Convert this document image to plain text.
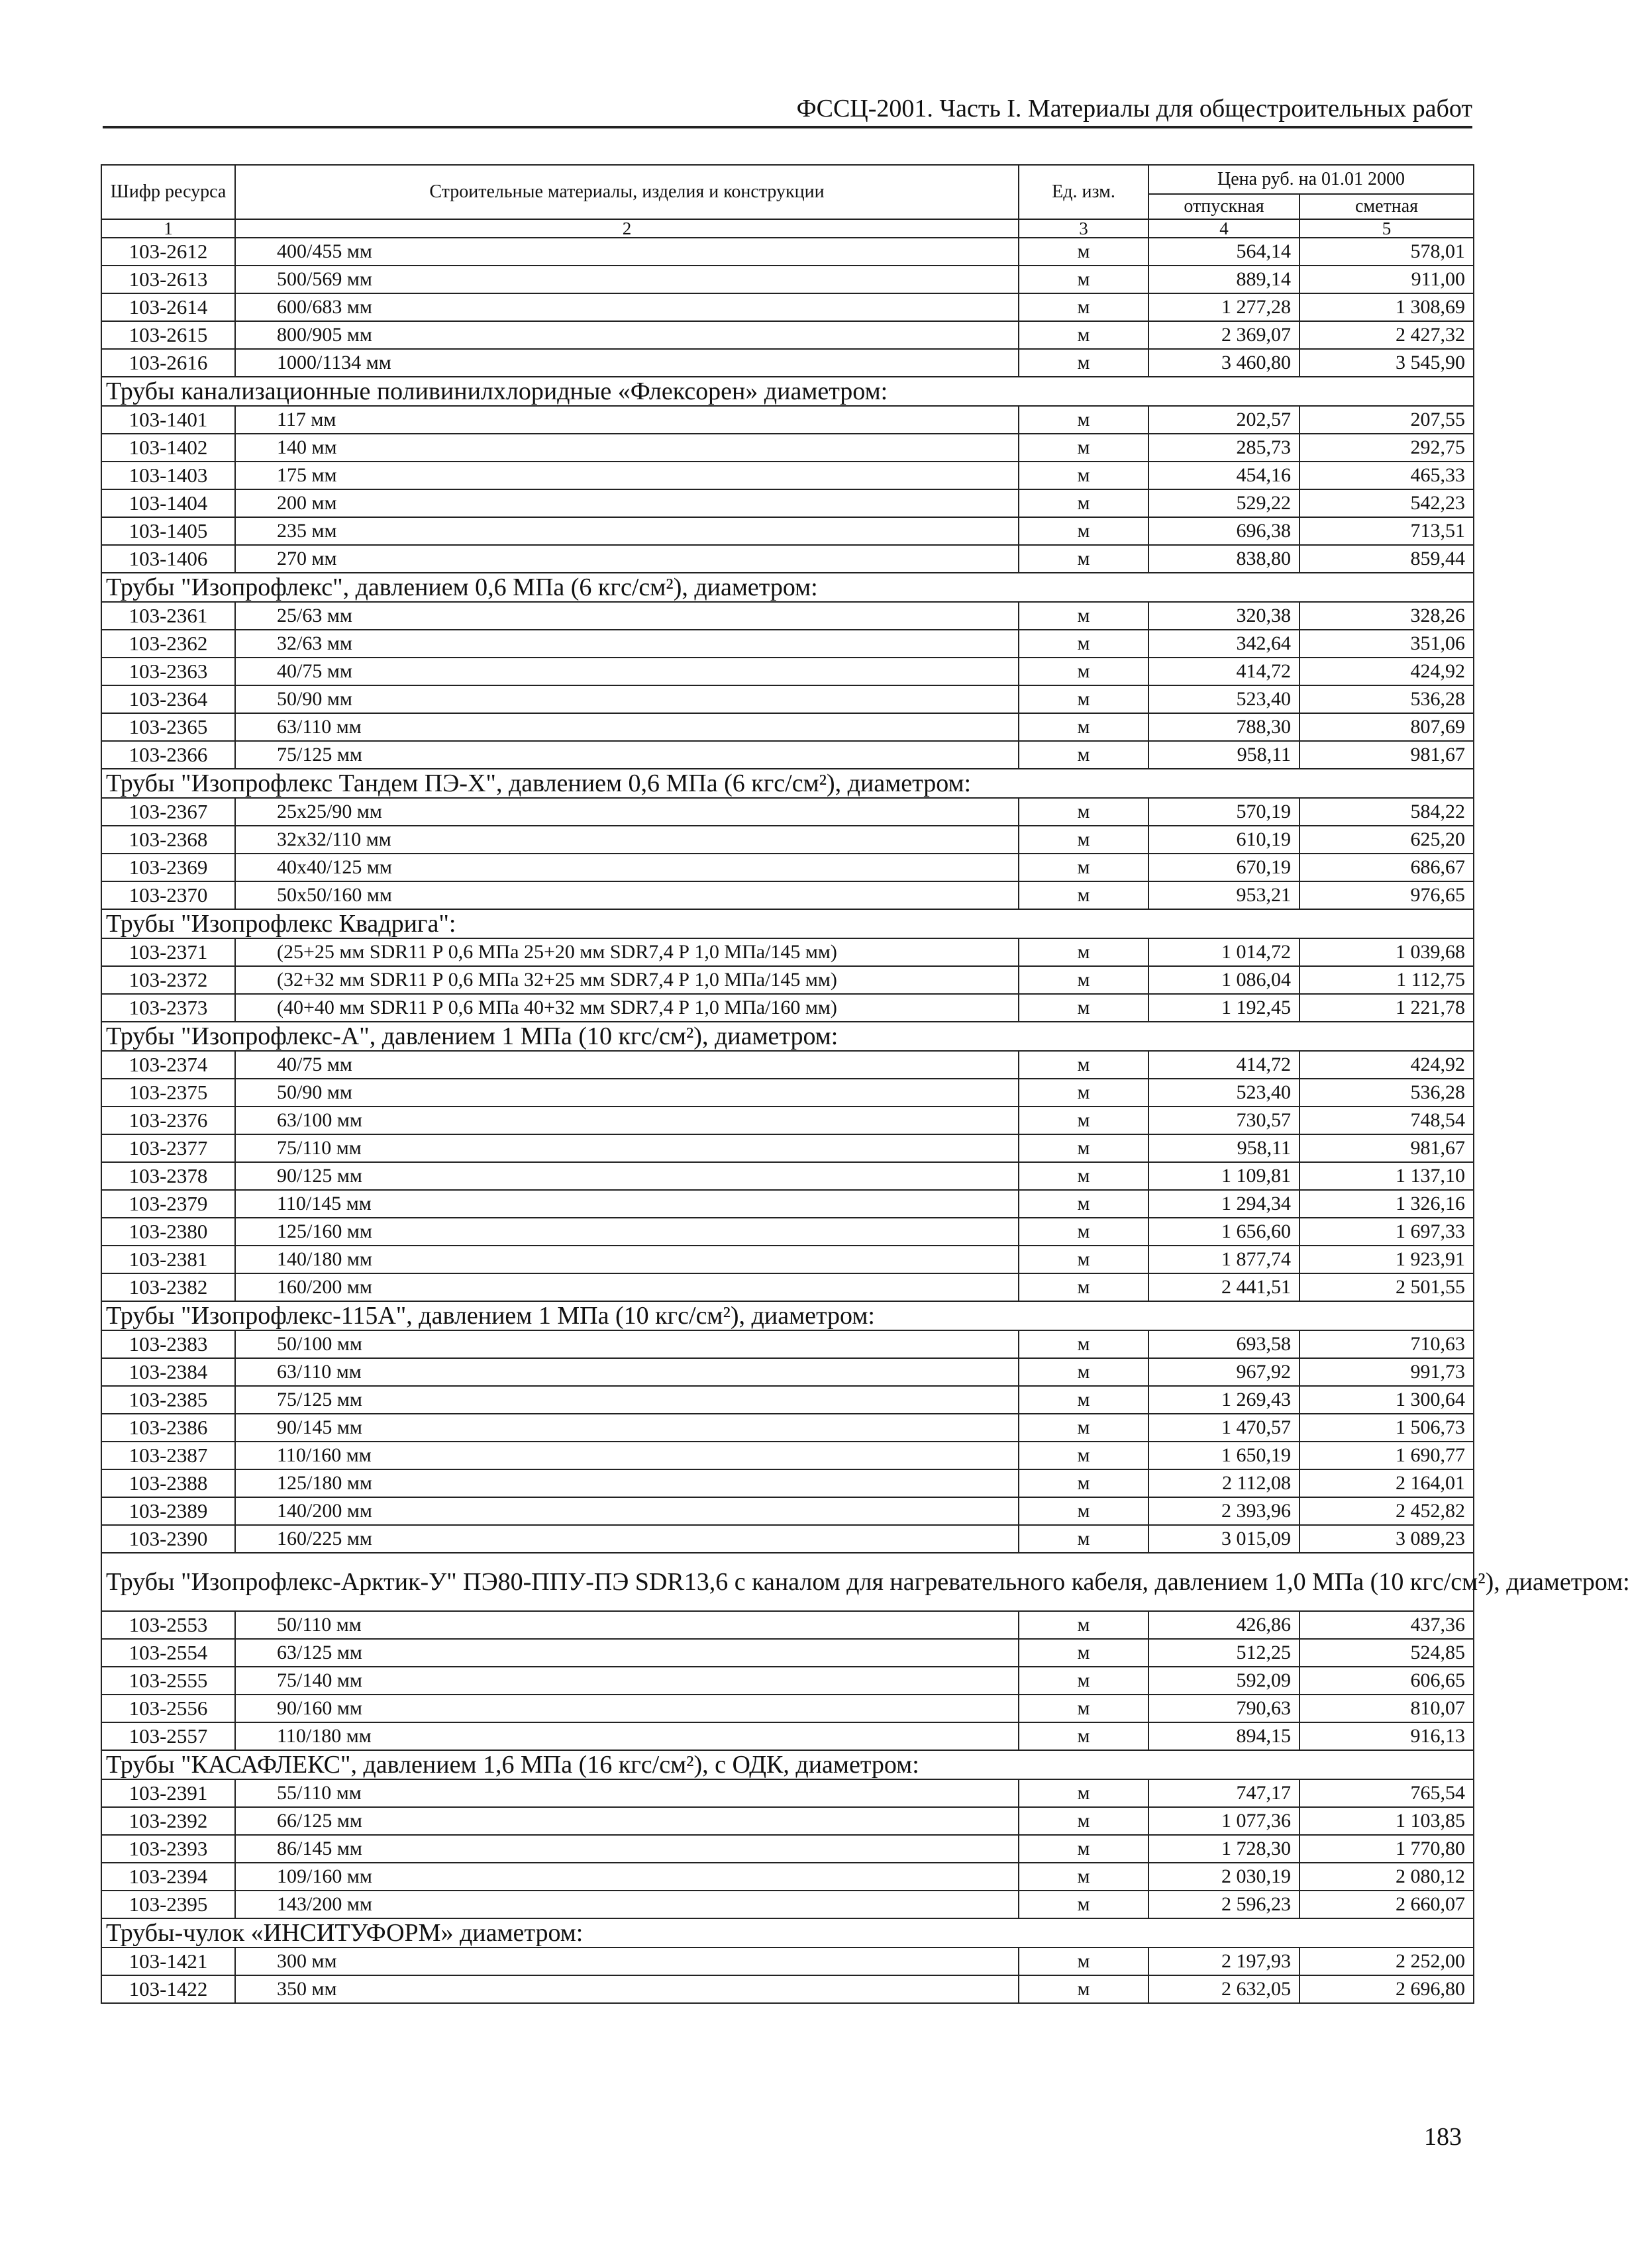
ФССЦ-2001. Часть I. Материалы для общестроительных работ
Шифр ресурса	Строительные материалы, изделия и конструкции	Ед. изм.	Цена руб. на 01.01 2000	
			отпускная	сметная
1	2	3	4	5
103-2612	400/455 мм	м	564,14	578,01
103-2613	500/569 мм	м	889,14	911,00
103-2614	600/683 мм	м	1 277,28	1 308,69
103-2615	800/905 мм	м	2 369,07	2 427,32
103-2616	1000/1134 мм	м	3 460,80	3 545,90
Трубы канализационные поливинилхлоридные «Флексорен» диаметром:				
103-1401	117 мм	м	202,57	207,55
103-1402	140 мм	м	285,73	292,75
103-1403	175 мм	м	454,16	465,33
103-1404	200 мм	м	529,22	542,23
103-1405	235 мм	м	696,38	713,51
103-1406	270 мм	м	838,80	859,44
Трубы "Изопрофлекс", давлением 0,6 МПа (6 кгс/см²), диаметром:				
103-2361	25/63 мм	м	320,38	328,26
103-2362	32/63 мм	м	342,64	351,06
103-2363	40/75 мм	м	414,72	424,92
103-2364	50/90 мм	м	523,40	536,28
103-2365	63/110 мм	м	788,30	807,69
103-2366	75/125 мм	м	958,11	981,67
Трубы "Изопрофлекс Тандем ПЭ-Х", давлением 0,6 МПа (6 кгс/см²), диаметром:				
103-2367	25x25/90 мм	м	570,19	584,22
103-2368	32x32/110 мм	м	610,19	625,20
103-2369	40x40/125 мм	м	670,19	686,67
103-2370	50x50/160 мм	м	953,21	976,65
Трубы "Изопрофлекс Квадрига":				
103-2371	(25+25 мм SDR11 Р 0,6 МПа 25+20 мм SDR7,4 Р 1,0 МПа/145 мм)	м	1 014,72	1 039,68
103-2372	(32+32 мм SDR11 Р 0,6 МПа 32+25 мм SDR7,4 Р 1,0 МПа/145 мм)	м	1 086,04	1 112,75
103-2373	(40+40 мм SDR11 Р 0,6 МПа 40+32 мм SDR7,4 Р 1,0 МПа/160 мм)	м	1 192,45	1 221,78
Трубы "Изопрофлекс-А", давлением 1 МПа (10 кгс/см²), диаметром:				
103-2374	40/75 мм	м	414,72	424,92
103-2375	50/90 мм	м	523,40	536,28
103-2376	63/100 мм	м	730,57	748,54
103-2377	75/110 мм	м	958,11	981,67
103-2378	90/125 мм	м	1 109,81	1 137,10
103-2379	110/145 мм	м	1 294,34	1 326,16
103-2380	125/160 мм	м	1 656,60	1 697,33
103-2381	140/180 мм	м	1 877,74	1 923,91
103-2382	160/200 мм	м	2 441,51	2 501,55
Трубы "Изопрофлекс-115А", давлением 1 МПа (10 кгс/см²), диаметром:				
103-2383	50/100 мм	м	693,58	710,63
103-2384	63/110 мм	м	967,92	991,73
103-2385	75/125 мм	м	1 269,43	1 300,64
103-2386	90/145 мм	м	1 470,57	1 506,73
103-2387	110/160 мм	м	1 650,19	1 690,77
103-2388	125/180 мм	м	2 112,08	2 164,01
103-2389	140/200 мм	м	2 393,96	2 452,82
103-2390	160/225 мм	м	3 015,09	3 089,23
Трубы "Изопрофлекс-Арктик-У" ПЭ80-ППУ-ПЭ SDR13,6 с каналом для нагревательного кабеля, давлением 1,0 МПа (10 кгс/см²), диаметром:				
103-2553	50/110 мм	м	426,86	437,36
103-2554	63/125 мм	м	512,25	524,85
103-2555	75/140 мм	м	592,09	606,65
103-2556	90/160 мм	м	790,63	810,07
103-2557	110/180 мм	м	894,15	916,13
Трубы "КАСАФЛЕКС", давлением 1,6 МПа (16 кгс/см²), с ОДК, диаметром:				
103-2391	55/110 мм	м	747,17	765,54
103-2392	66/125 мм	м	1 077,36	1 103,85
103-2393	86/145 мм	м	1 728,30	1 770,80
103-2394	109/160 мм	м	2 030,19	2 080,12
103-2395	143/200 мм	м	2 596,23	2 660,07
Трубы-чулок «ИНСИТУФОРМ» диаметром:				
103-1421	300 мм	м	2 197,93	2 252,00
103-1422	350 мм	м	2 632,05	2 696,80
183
